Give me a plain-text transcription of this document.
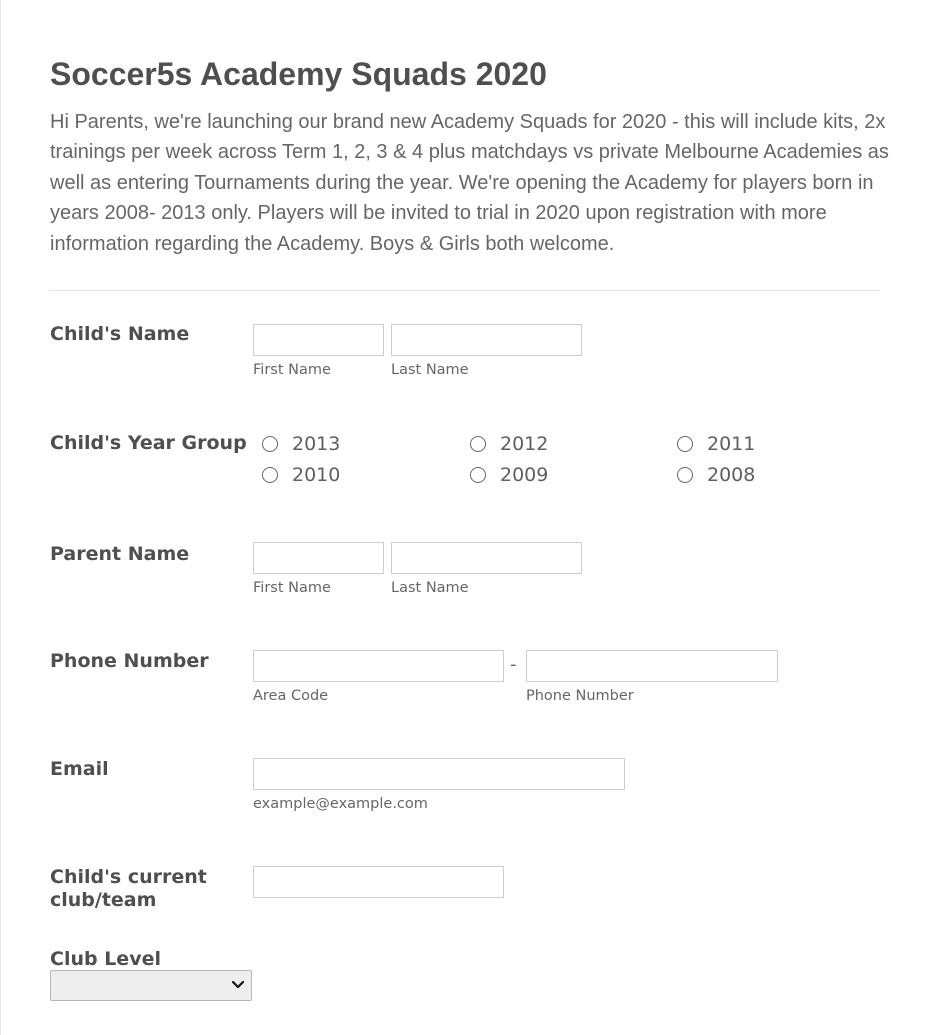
Soccer5s Academy Squads 2020

Hi Parents, we're launching our brand new Academy Squads for 2020 - this will include kits, 2x trainings per week across Term 1, 2, 3 & 4 plus matchdays vs private Melbourne Academies as well as entering Tournaments during the year. We're opening the Academy for players born in years 2008- 2013 only. Players will be invited to trial in 2020 upon registration with more information regarding the Academy. Boys & Girls both welcome.

Child's Name
First Name	Last Name
Child's Year Group	2013	2012	2011
2010	2009	2008
Parent Name
First Name	Last Name
Phone Number	-
Area Code	Phone Number
Email
example@example.com
Child's current club/team
Club Level
